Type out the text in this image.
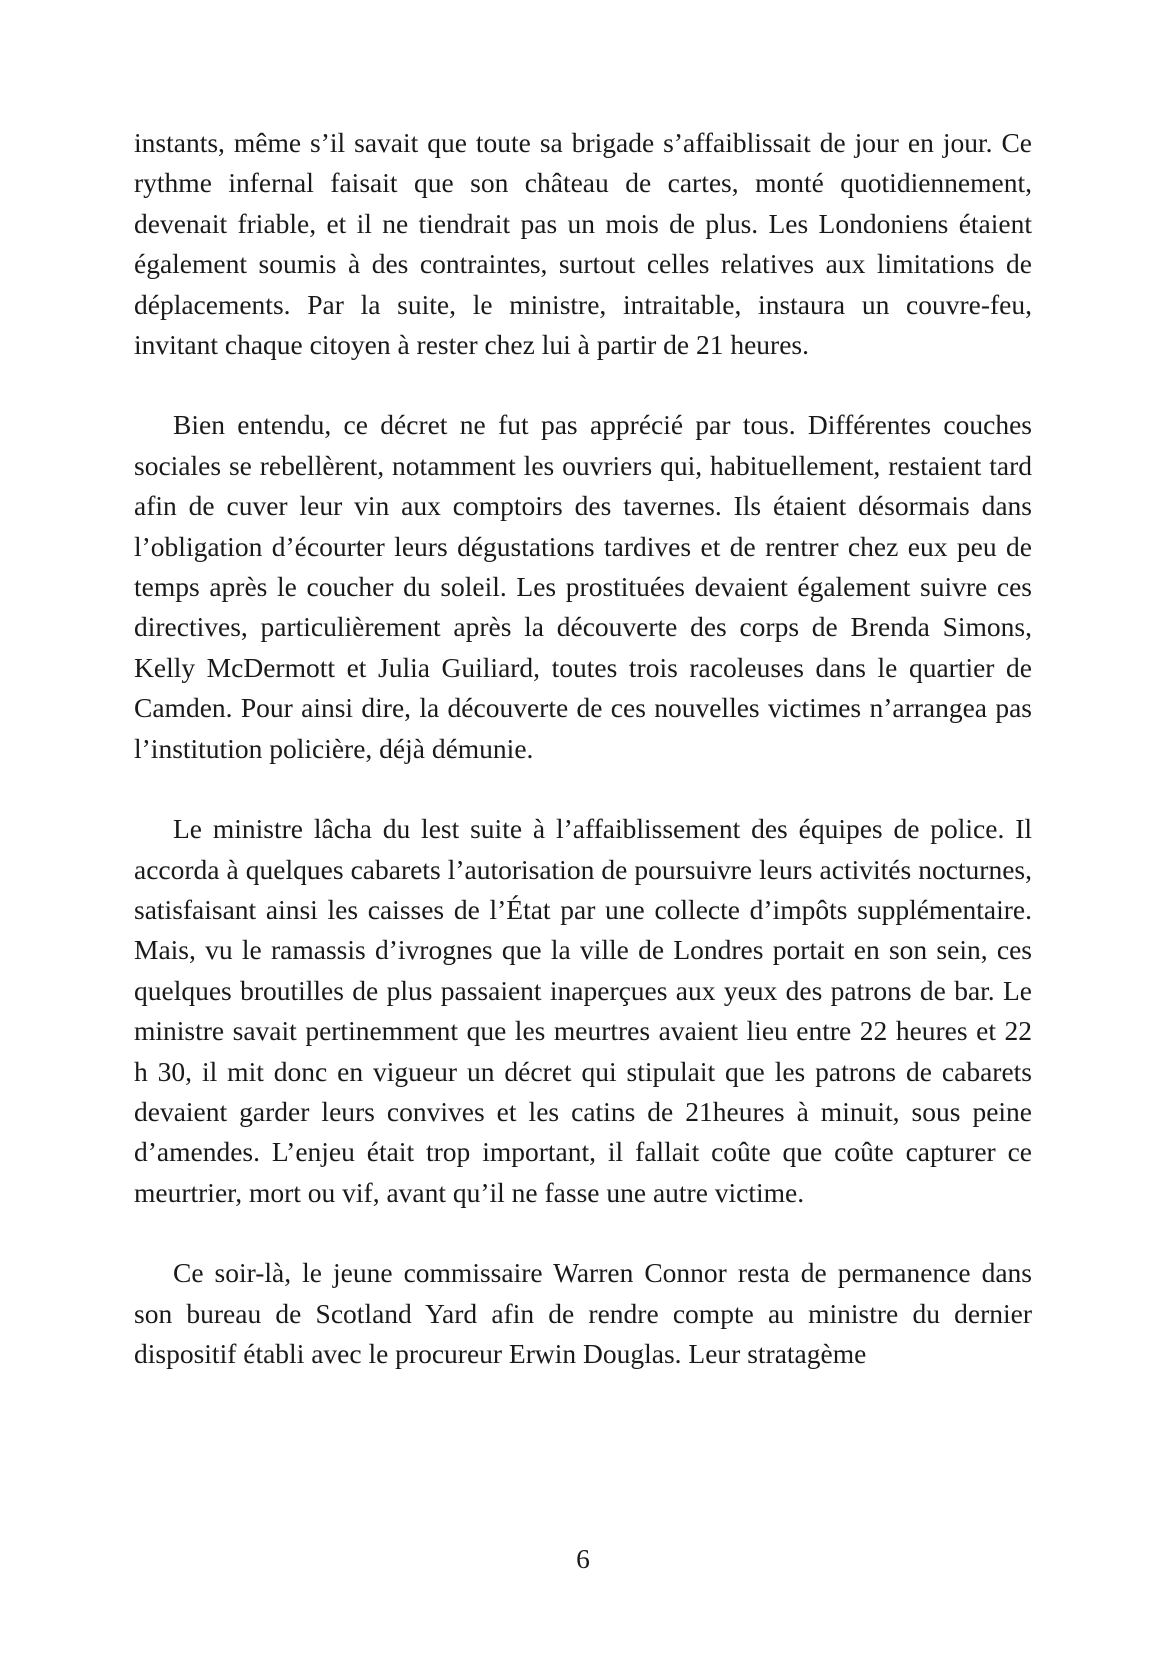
instants, même s’il savait que toute sa brigade s’affaiblissait de jour en jour. Ce rythme infernal faisait que son château de cartes, monté quotidiennement, devenait friable, et il ne tiendrait pas un mois de plus. Les Londoniens étaient également soumis à des contraintes, surtout celles relatives aux limitations de déplacements. Par la suite, le ministre, intraitable, instaura un couvre-feu, invitant chaque citoyen à rester chez lui à partir de 21 heures.

Bien entendu, ce décret ne fut pas apprécié par tous. Différentes couches sociales se rebellèrent, notamment les ouvriers qui, habituellement, restaient tard afin de cuver leur vin aux comptoirs des tavernes. Ils étaient désormais dans l’obligation d’écourter leurs dégustations tardives et de rentrer chez eux peu de temps après le coucher du soleil. Les prostituées devaient également suivre ces directives, particulièrement après la découverte des corps de Brenda Simons, Kelly McDermott et Julia Guiliard, toutes trois racoleuses dans le quartier de Camden. Pour ainsi dire, la découverte de ces nouvelles victimes n’arrangea pas l’institution policière, déjà démunie.

Le ministre lâcha du lest suite à l’affaiblissement des équipes de police. Il accorda à quelques cabarets l’autorisation de poursuivre leurs activités nocturnes, satisfaisant ainsi les caisses de l’État par une collecte d’impôts supplémentaire. Mais, vu le ramassis d’ivrognes que la ville de Londres portait en son sein, ces quelques broutilles de plus passaient inaperçues aux yeux des patrons de bar. Le ministre savait pertinemment que les meurtres avaient lieu entre 22 heures et 22 h 30, il mit donc en vigueur un décret qui stipulait que les patrons de cabarets devaient garder leurs convives et les catins de 21heures à minuit, sous peine d’amendes. L’enjeu était trop important, il fallait coûte que coûte capturer ce meurtrier, mort ou vif, avant qu’il ne fasse une autre victime.

Ce soir-là, le jeune commissaire Warren Connor resta de permanence dans son bureau de Scotland Yard afin de rendre compte au ministre du dernier dispositif établi avec le procureur Erwin Douglas. Leur stratagème

6
